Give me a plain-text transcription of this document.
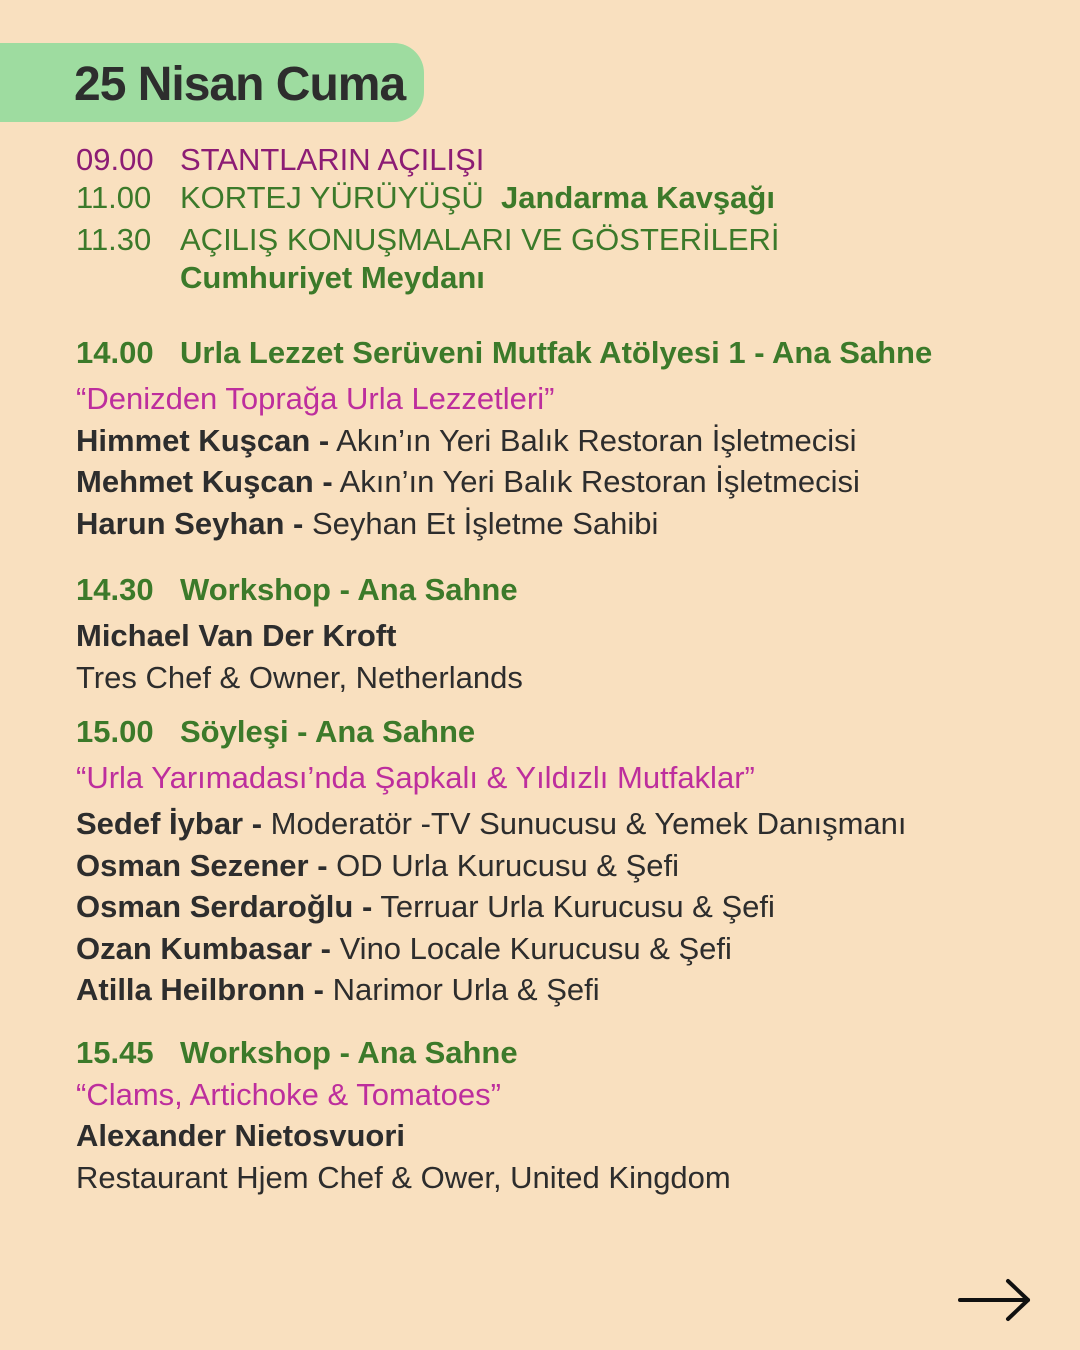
25 Nisan Cuma
09.00 STANTLARIN AÇILIŞI
11.00 KORTEJ YÜRÜYÜŞÜ Jandarma Kavşağı
11.30 AÇILIŞ KONUŞMALARI VE GÖSTERİLERİ
Cumhuriyet Meydanı
14.00 Urla Lezzet Serüveni Mutfak Atölyesi 1 - Ana Sahne
“Denizden Toprağa Urla Lezzetleri”
Himmet Kuşcan - Akın’ın Yeri Balık Restoran İşletmecisi
Mehmet Kuşcan - Akın’ın Yeri Balık Restoran İşletmecisi
Harun Seyhan - Seyhan Et İşletme Sahibi
14.30 Workshop - Ana Sahne
Michael Van Der Kroft
Tres Chef & Owner, Netherlands
15.00 Söyleşi - Ana Sahne
“Urla Yarımadası’nda Şapkalı & Yıldızlı Mutfaklar”
Sedef İybar - Moderatör -TV Sunucusu & Yemek Danışmanı
Osman Sezener - OD Urla Kurucusu & Şefi
Osman Serdaroğlu - Terruar Urla Kurucusu & Şefi
Ozan Kumbasar - Vino Locale Kurucusu & Şefi
Atilla Heilbronn - Narimor Urla & Şefi
15.45 Workshop - Ana Sahne
“Clams, Artichoke & Tomatoes”
Alexander Nietosvuori
Restaurant Hjem Chef & Ower, United Kingdom
